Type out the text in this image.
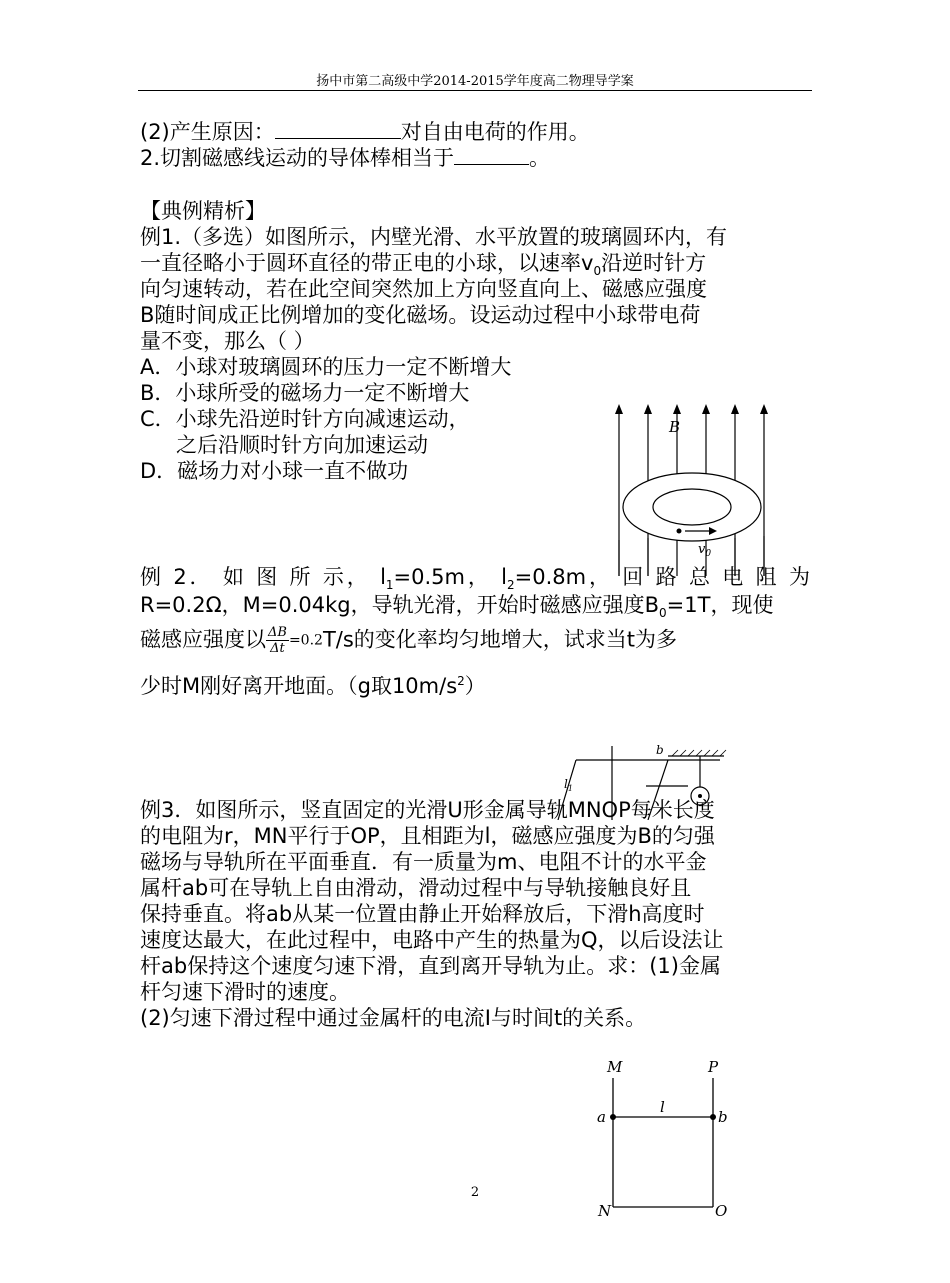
扬中市第二高级中学2014-2015学年度高二物理导学案
(2)产生原因：	对自由电荷的作用。
2.切割磁感线运动的导体棒相当于	。
【典例精析】
例1.（多选）如图所示，内壁光滑、水平放置的玻璃圆环内，有
一直径略小于圆环直径的带正电的小球，以速率$v_0$沿逆时针方
向匀速转动，若在此空间突然加上方向竖直向上、磁感应强度
B随时间成正比例增加的变化磁场。设运动过程中小球带电荷
量不变，那么（ ）
A．小球对玻璃圆环的压力一定不断增大
B．小球所受的磁场力一定不断增大
C．小球先沿逆时针方向减速运动，
之后沿顺时针方向加速运动
D．磁场力对小球一直不做功
B
$v_0$
例 2． 如 图 所 示， $l_1=0.5m$， $l_2=0.8m$， 回 路 总 电 阻 为
R=0.2Ω，M=0.04kg，导轨光滑，开始时磁感应强度$B_0=1T$，现使
磁感应强度以 $\frac{\Delta B}{\Delta t} =0.2T/s$的变化率均匀地增大，试求当t为多
少时M刚好离开地面。（g取$10m/s^2$）
b
$l_1$
例3．如图所示，竖直固定的光滑U形金属导轨MNOP每米长度
的电阻为r，MN平行于OP，且相距为l，磁感应强度为B的匀强
磁场与导轨所在平面垂直．有一质量为m、电阻不计的水平金
属杆ab可在导轨上自由滑动，滑动过程中与导轨接触良好且
保持垂直。将ab从某一位置由静止开始释放后，下滑h高度时
速度达最大，在此过程中，电路中产生的热量为Q，以后设法让
杆ab保持这个速度匀速下滑，直到离开导轨为止。求：(1)金属
杆匀速下滑时的速度。
(2)匀速下滑过程中通过金属杆的电流I与时间t的关系。
M	P
a	b
l
N	O
2
